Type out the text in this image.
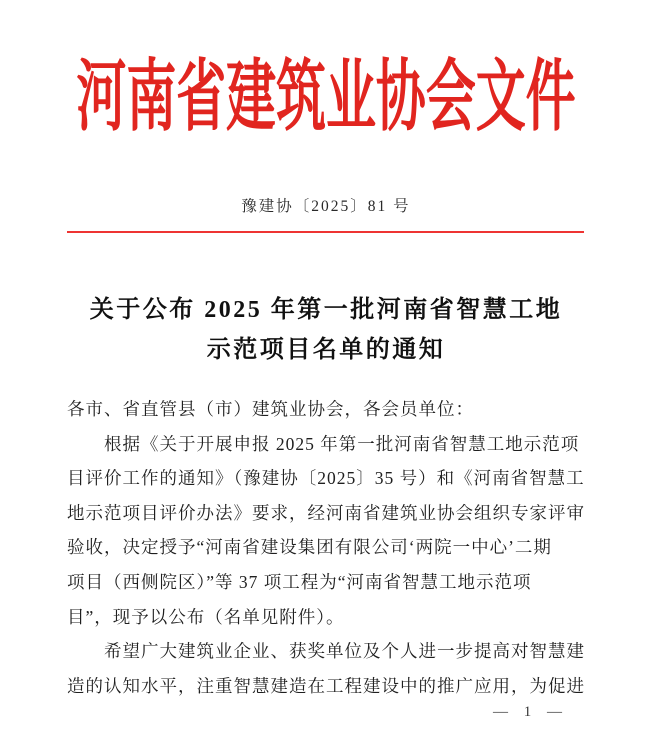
河南省建筑业协会文件
豫建协〔2025〕81 号
关于公布 2025 年第一批河南省智慧工地
示范项目名单的通知
各市、省直管县（市）建筑业协会，各会员单位：
　　根据《关于开展申报 2025 年第一批河南省智慧工地示范项
目评价工作的通知》（豫建协〔2025〕35 号）和《河南省智慧工
地示范项目评价办法》要求，经河南省建筑业协会组织专家评审
验收，决定授予“河南省建设集团有限公司‘两院一中心’二期
项目（西侧院区）”等 37 项工程为“河南省智慧工地示范项
目”，现予以公布（名单见附件）。
　　希望广大建筑业企业、获奖单位及个人进一步提高对智慧建
造的认知水平，注重智慧建造在工程建设中的推广应用，为促进
— 1 —
